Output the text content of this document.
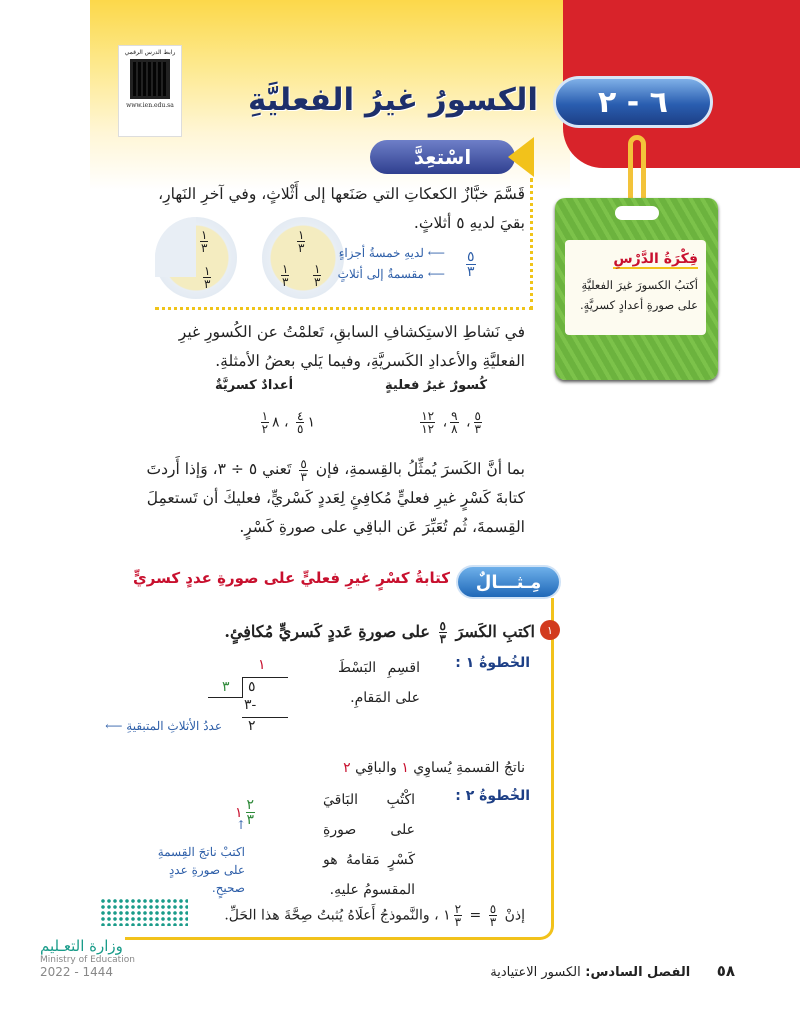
٦ - ٢
الكسورُ غيرُ الفعليَّةِ
رابط الدرس الرقمي
www.ien.edu.sa
اسْتعِدَّ
قَسَّمَ خبَّازٌ الكعكاتِ التي صَنَعها إلى أَثْلاثٍ، وفي آخرِ النَهارِ، بقيَ لديهِ ٥ أثلاثٍ.
١
٣
١
٣
١
٣
١
٣
١
٣
٥
٣
⟵ لديهِ خمسةُ أجزاءٍ
⟵ مقسمةٌ إلى أثلاثٍ
فِكْرَةُ الدَّرْسِ
أكتبُ الكسورَ غيرَ الفعليَّةِ على صورةِ أعدادٍ كسريَّةٍ.
في نَشاطِ الاستِكشافِ السابقِ، تَعلمْتُ عن الكُسورِ غيرِ الفعليَّةِ والأعدادِ الكَسريَّةِ، وفيما يَلي بعضُ الأمثلةِ.
كُسورٌ غيرُ فعليةٍ
أعدادٌ كسريَّةٌ
$\frac{٥}{٣}$
،
$\frac{٩}{٨}$
،
$\frac{١٢}{١٢}$
١
$\frac{٤}{٥}$
، ٨
$\frac{١}{٢}$
بما أنَّ الكَسرَ يُمثِّلُ بالقِسمةِ، فإن
$\frac{٥}{٣}$
تَعني ٥ ÷ ٣، وَإذا أَردتَ كتابةَ كَسْرٍ غيرِ فعليٍّ مُكافِئٍ لِعَددٍ كَسْريٍّ، فعليكَ أن تَستعمِلَ القِسمةَ، ثُم تُعَبِّرَ عَن الباقِي على صورةِ كَسْرٍ.
مِـثـــالٌ
كتابةُ كسْرٍ غيرِ فعليٍّ على صورةِ عددٍ كسريٍّ
١
اكتبِ الكَسرَ
$\frac{٥}{٣}$
على صورةِ عَددٍ كَسريٍّ مُكافِئٍ.
الخُطوةُ ١ :
اقسِمِ البَسْطَ على المَقامِ.
١
٥
٣
٣-
٢
عددُ الأثلاثِ المتبقيةِ ⟵
ناتجُ القسمةِ يُساوِي ١ والباقِي ٢
الخُطوةُ ٢ :
اكْتُبِ البَاقيَ على صورةِ كَسْرٍ مَقامهُ هو المقسومُ عليهِ.
١ $\frac{٢}{٣}$
↑
اكتبْ ناتجَ القِسمةِ على صورةِ عددٍ صحيحٍ.
إذنْ
$\frac{٥}{٣}$
=
$\frac{٢}{٣}$
١ ، والنَّموذجُ أَعلَاهُ يُثبتُ صِحَّةَ هذا الحَلِّ.
وزارة التعـليم
Ministry of Education
2022 - 1444	٥٨ الفصل السادس: الكسور الاعتيادية
